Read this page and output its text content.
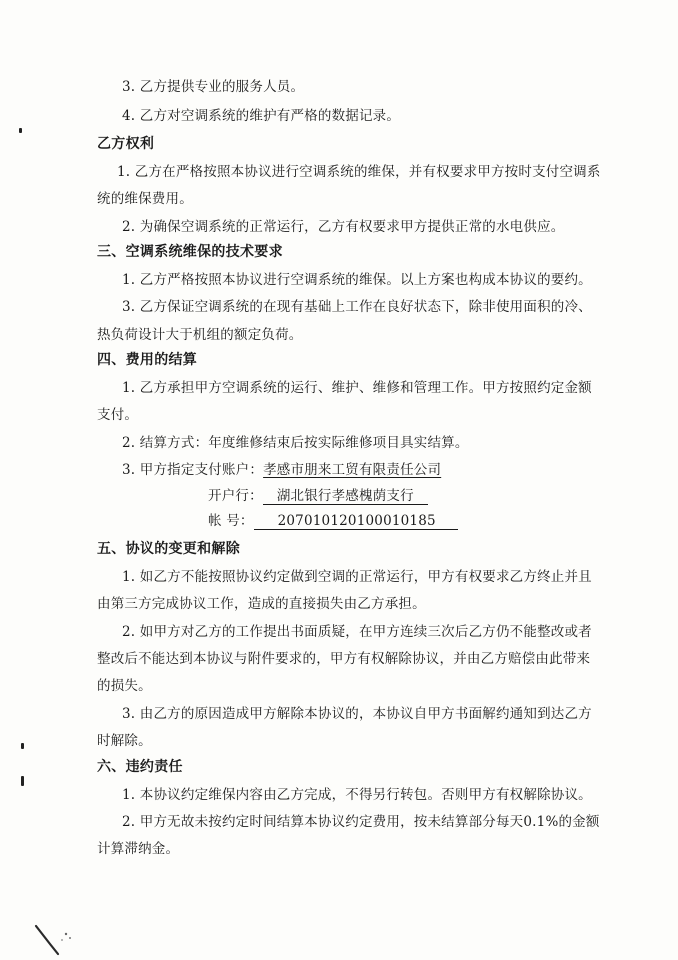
3. 乙方提供专业的服务人员。
4. 乙方对空调系统的维护有严格的数据记录。
乙方权利
1. 乙方在严格按照本协议进行空调系统的维保，并有权要求甲方按时支付空调系
统的维保费用。
2. 为确保空调系统的正常运行，乙方有权要求甲方提供正常的水电供应。
三、空调系统维保的技术要求
1. 乙方严格按照本协议进行空调系统的维保。以上方案也构成本协议的要约。
3. 乙方保证空调系统的在现有基础上工作在良好状态下，除非使用面积的冷、
热负荷设计大于机组的额定负荷。
四、费用的结算
1. 乙方承担甲方空调系统的运行、维护、维修和管理工作。甲方按照约定金额
支付。
2. 结算方式：年度维修结束后按实际维修项目具实结算。
3. 甲方指定支付账户：孝感市朋来工贸有限责任公司
开户行： 湖北银行孝感槐荫支行
帐 号： 2070101201000101​85
五、协议的变更和解除
1. 如乙方不能按照协议约定做到空调的正常运行，甲方有权要求乙方终止并且
由第三方完成协议工作，造成的直接损失由乙方承担。
2. 如甲方对乙方的工作提出书面质疑，在甲方连续三次后乙方仍不能整改或者
整改后不能达到本协议与附件要求的，甲方有权解除协议，并由乙方赔偿由此带来
的损失。
3. 由乙方的原因造成甲方解除本协议的，本协议自甲方书面解约通知到达乙方
时解除。
六、违约责任
1. 本协议约定维保内容由乙方完成，不得另行转包。否则甲方有权解除协议。
2. 甲方无故未按约定时间结算本协议约定费用，按未结算部分每天0.1%的金额
计算滞纳金。
